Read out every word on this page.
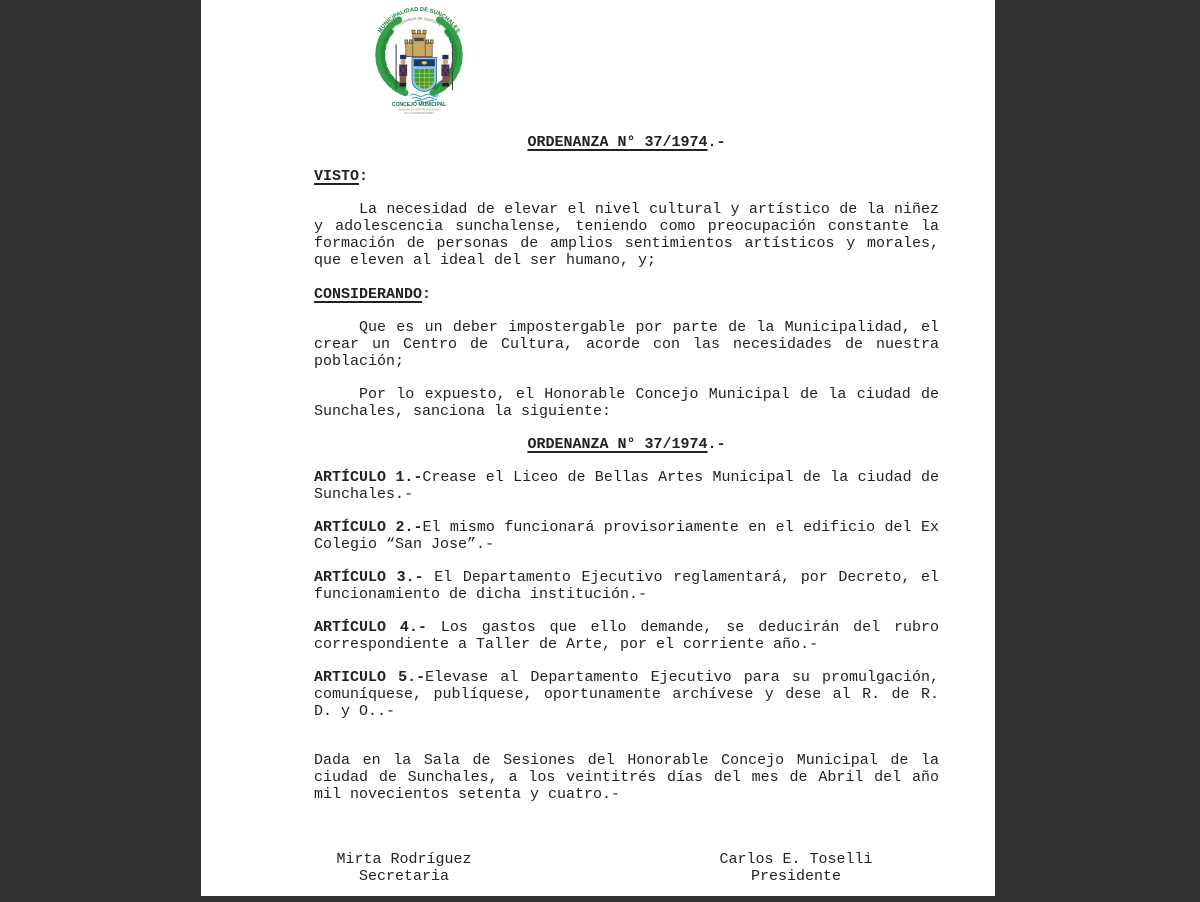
MUNICIPALIDAD DE SUNCHALES
PROVINCIA DE SANTA FE
CONCEJO MUNICIPAL
SUNCHALES CAPITAL NACIONAL
DEL COOPERATIVISMO

ORDENANZA N° 37/1974.-

VISTO:

La necesidad de elevar el nivel cultural y artístico de la niñez y adolescencia sunchalense, teniendo como preocupación constante la formación de personas de amplios sentimientos artísticos y morales, que eleven al ideal del ser humano, y;

CONSIDERANDO:

Que es un deber impostergable por parte de la Municipalidad, el crear un Centro de Cultura, acorde con las necesidades de nuestra población;

Por lo expuesto, el Honorable Concejo Municipal de la ciudad de Sunchales, sanciona la siguiente:

ORDENANZA N° 37/1974.-

ARTÍCULO 1.-Crease el Liceo de Bellas Artes Municipal de la ciudad de Sunchales.-

ARTÍCULO 2.-El mismo funcionará provisoriamente en el edificio del Ex Colegio “San Jose”.-

ARTÍCULO 3.- El Departamento Ejecutivo reglamentará, por Decreto, el funcionamiento de dicha institución.-

ARTÍCULO 4.- Los gastos que ello demande, se deducirán del rubro correspondiente a Taller de Arte, por el corriente año.-

ARTICULO 5.-Elevase al Departamento Ejecutivo para su promulgación, comuníquese, publíquese, oportunamente archívese y dese al R. de R. D. y O..-

Dada en la Sala de Sesiones del Honorable Concejo Municipal de la ciudad de Sunchales, a los veintitrés días del mes de Abril del año mil novecientos setenta y cuatro.-

Mirta Rodríguez
Secretaria
Carlos E. Toselli
Presidente
